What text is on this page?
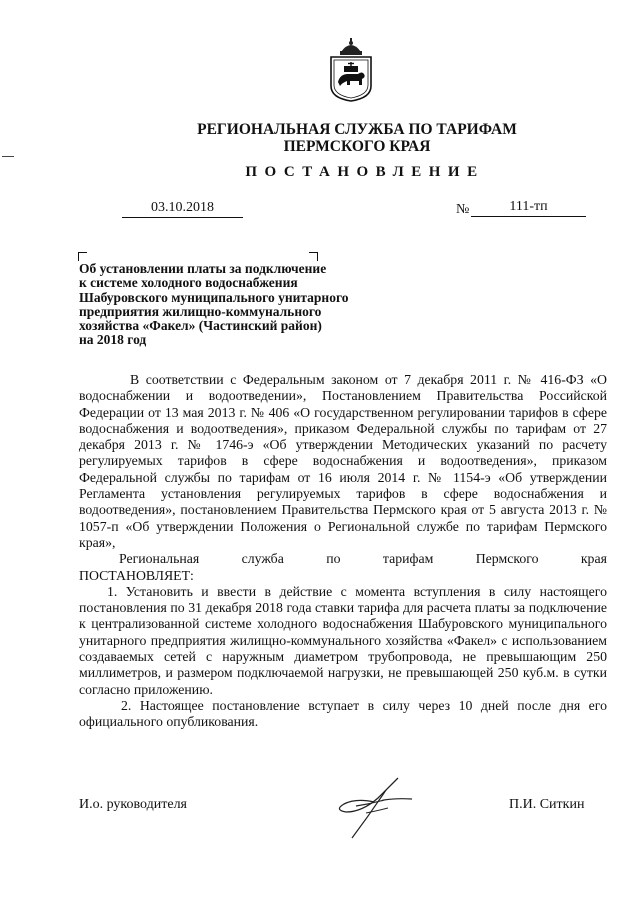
РЕГИОНАЛЬНАЯ СЛУЖБА ПО ТАРИФАМ
ПЕРМСКОГО КРАЯ
ПОСТАНОВЛЕНИЕ
03.10.2018	№	111-тп
Об установлении платы за подключение
к системе холодного водоснабжения
Шабуровского муниципального унитарного
предприятия жилищно-коммунального
хозяйства «Факел» (Частинский район)
на 2018 год

В соответствии с Федеральным законом от 7 декабря 2011 г. № 416-ФЗ «О водоснабжении и водоотведении», Постановлением Правительства Российской Федерации от 13 мая 2013 г. № 406 «О государственном регулировании тарифов в сфере водоснабжения и водоотведения», приказом Федеральной службы по тарифам от 27 декабря 2013 г. № 1746-э «Об утверждении Методических указаний по расчету регулируемых тарифов в сфере водоснабжения и водоотведения», приказом Федеральной службы по тарифам от 16 июля 2014 г. № 1154-э «Об утверждении Регламента установления регулируемых тарифов в сфере водоснабжения и водоотведения», постановлением Правительства Пермского края от 5 августа 2013 г. № 1057-п «Об утверждении Положения о Региональной службе по тарифам Пермского края»,

Региональная	служба	по	тарифам	Пермского	края

ПОСТАНОВЛЯЕТ:

1. Установить и ввести в действие с момента вступления в силу настоящего постановления по 31 декабря 2018 года ставки тарифа для расчета платы за подключение к централизованной системе холодного водоснабжения Шабуровского муниципального унитарного предприятия жилищно-коммунального хозяйства «Факел» с использованием создаваемых сетей с наружным диаметром трубопровода, не превышающим 250 миллиметров, и размером подключаемой нагрузки, не превышающей 250 куб.м. в сутки согласно приложению.

2. Настоящее постановление вступает в силу через 10 дней после дня его официального опубликования.

И.о. руководителя	П.И. Ситкин
